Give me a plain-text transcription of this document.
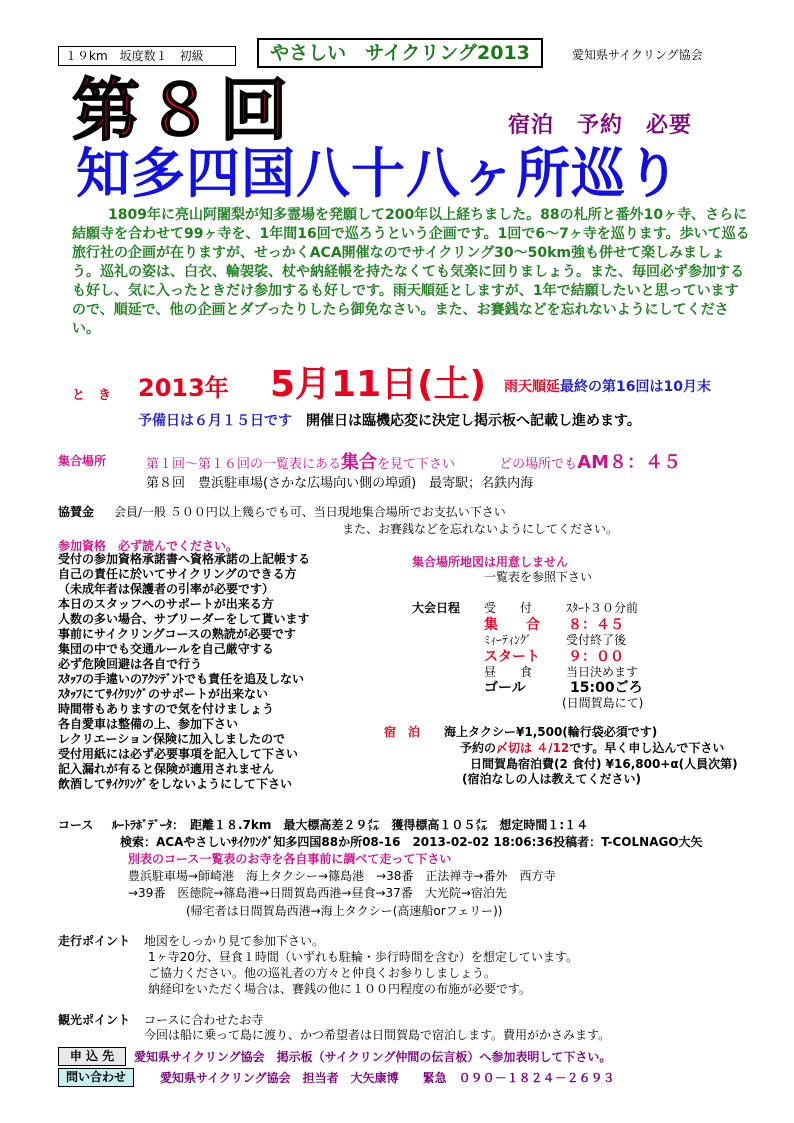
１９km　坂度数１　初級	やさしい　サイクリング2013	愛知県サイクリング協会
第８回	宿泊　予約　必要
知多四国八十八ヶ所巡り
1809年に亮山阿闍梨が知多霊場を発願して200年以上経ちました。88の札所と番外10ヶ寺、さらに結願寺を合わせて99ヶ寺を、1年間16回で巡ろうという企画です。1回で6～7ヶ寺を巡ります。歩いて巡る旅行社の企画が在りますが、せっかくACA開催なのでサイクリング30～50km強も併せて楽しみましょう。巡礼の姿は、白衣、輪袈裟、杖や納経帳を持たなくても気楽に回りましょう。また、毎回必ず参加するも好し、気に入ったときだけ参加するも好しです。雨天順延としますが、1年で結願したいと思っていますので、順延で、他の企画とダブったりしたら御免なさい。また、お賽銭などを忘れないようにしてください。
と　き 2013年 5月11日(土) 雨天順延最終の第16回は10月末
予備日は６月１５日です　 開催日は臨機応変に決定し掲示板へ記載し進めます。
集合場所	第１回～第１６回の一覧表にある集合を見て下さい	どの場所でもAM８：４５
第８回　豊浜駐車場(さかな広場向い側の埠頭)　最寄駅；名鉄内海
協賛金 会員/一般 ５００円以上幾らでも可、当日現地集合場所でお支払い下さい
また、お賽銭などを忘れないようにしてください。
参加資格　必ず読んでください。
受付の参加資格承諾書へ資格承諾の上記帳する
自己の責任に於いてサイクリングのできる方
（未成年者は保護者の引率が必要です）
本日のスタッフへのサポートが出来る方
人数の多い場合、サブリーダーをして貰います
事前にサイクリングコースの熟読が必要です
集団の中でも交通ルールを自己厳守する
必ず危険回避は各自で行う
ｽﾀｯﾌの手違いのｱｸｼﾃﾞﾝﾄでも責任を追及しない
ｽﾀｯﾌにてｻｲｸﾘﾝｸﾞのサポートが出来ない
時間帯もありますので気を付けましょう
各自愛車は整備の上、参加下さい
レクリエーション保険に加入しましたので
受付用紙には必ず必要事項を記入して下さい
記入漏れが有ると保険が適用されません
飲酒してｻｲｸﾘﾝｸﾞをしないようにして下さい
集合場所地図は用意しません
一覧表を参照下さい
大会日程 受　　付	ｽﾀｰﾄ３０分前
集　　合 ８：４５
ﾐｨｰﾃｨﾝｸﾞ	受付終了後
スタート ９：００
昼　　食	当日決めます
ゴール	15:00ごろ
(日間賀島にて)
宿　泊 海上タクシー¥1,500(輪行袋必須です)
予約の〆切は ４/12です。早く申し込んで下さい
日間賀島宿泊費(2 食付) ¥16,800+α(人員次第)
(宿泊なしの人は教えてください)
コース ﾙｰﾄﾗﾎﾞﾃﾞｰﾀ：　距離１８.7km　最大標高差２９㍍　獲得標高１０５㍍　想定時間１:１４
検索：ACAやさしいｻｲｸﾘﾝｸﾞ知多四国88か所08-16　2013-02-02 18:06:36投稿者：T-COLNAGO大矢
別表のコース一覧表のお寺を各自事前に調べて走って下さい
豊浜駐車場→師崎港　海上タクシー→篠島港　→38番　正法禅寺→番外　西方寺
→39番　医徳院→篠島港→日間賀島西港→昼食→37番　大光院→宿泊先
(帰宅者は日間賀島西港→海上タクシー(高速船orフェリー))
走行ポイント 地図をしっかり見て参加下さい。
1ヶ寺20分、昼食１時間（いずれも駐輪・歩行時間を含む）を想定しています。
ご協力ください。他の巡礼者の方々と仲良くお参りしましょう。
納経印をいただく場合は、賽銭の他に１００円程度の布施が必要です。
観光ポイント コースに合わせたお寺
今回は船に乗って島に渡り、かつ希望者は日間賀島で宿泊します。費用がかさみます。
申 込 先	愛知県サイクリング協会　掲示板（サイクリング仲間の伝言板）へ参加表明して下さい。
問い合わせ	愛知県サイクリング協会　担当者　大矢康博　　緊急　０９０－１８２４－２６９３
